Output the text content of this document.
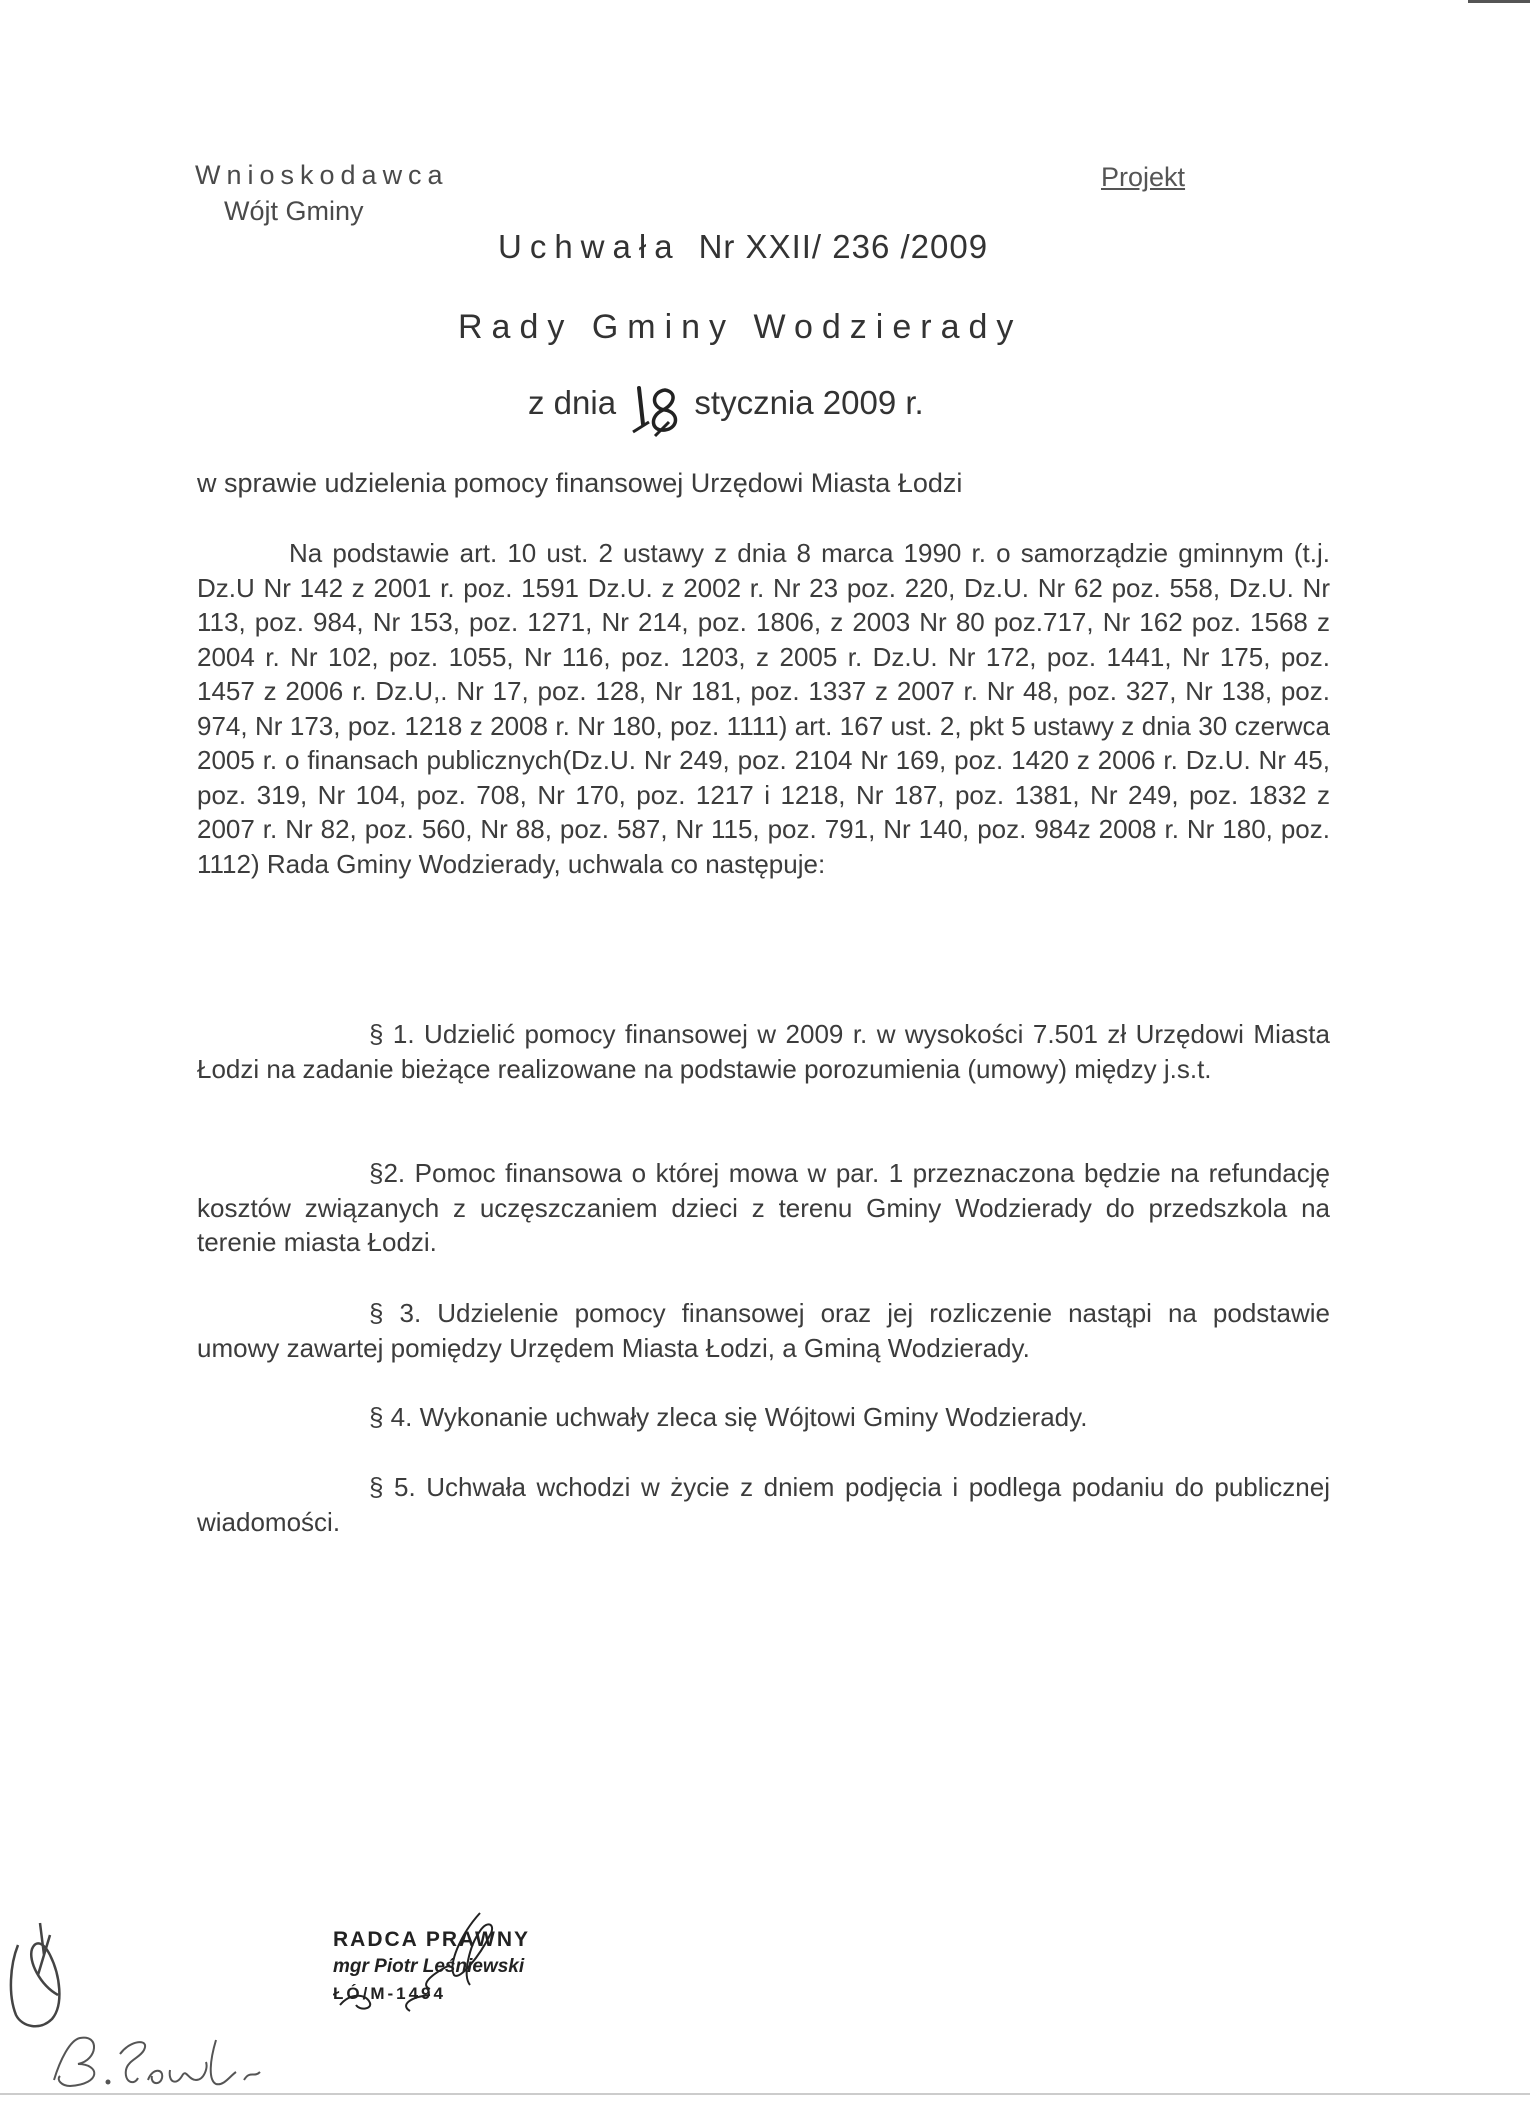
Wnioskodawca
Wójt Gminy
Projekt
Uchwała Nr XXII/ 236 /2009
Rady Gminy Wodzierady
z dnia stycznia 2009 r.
w sprawie udzielenia pomocy finansowej Urzędowi Miasta Łodzi
Na podstawie art. 10 ust. 2 ustawy z dnia 8 marca 1990 r. o samorządzie gminnym (t.j. Dz.U Nr 142 z 2001 r. poz. 1591 Dz.U. z 2002 r. Nr 23 poz. 220, Dz.U. Nr 62 poz. 558, Dz.U. Nr 113, poz. 984, Nr 153, poz. 1271, Nr 214, poz. 1806, z 2003 Nr 80 poz.717, Nr 162 poz. 1568 z 2004 r. Nr 102, poz. 1055, Nr 116, poz. 1203, z 2005 r. Dz.U. Nr 172, poz. 1441, Nr 175, poz. 1457 z 2006 r. Dz.U,. Nr 17, poz. 128, Nr 181, poz. 1337 z 2007 r. Nr 48, poz. 327, Nr 138, poz. 974, Nr 173, poz. 1218 z 2008 r. Nr 180, poz. 1111) art. 167 ust. 2, pkt 5 ustawy z dnia 30 czerwca 2005 r. o finansach publicznych(Dz.U. Nr 249, poz. 2104 Nr 169, poz. 1420 z 2006 r. Dz.U. Nr 45, poz. 319, Nr 104, poz. 708, Nr 170, poz. 1217 i 1218, Nr 187, poz. 1381, Nr 249, poz. 1832 z 2007 r. Nr 82, poz. 560, Nr 88, poz. 587, Nr 115, poz. 791, Nr 140, poz. 984z 2008 r. Nr 180, poz. 1112) Rada Gminy Wodzierady, uchwala co następuje:
§ 1. Udzielić pomocy finansowej w 2009 r. w wysokości 7.501 zł Urzędowi Miasta Łodzi na zadanie bieżące realizowane na podstawie porozumienia (umowy) między j.s.t.
§2. Pomoc finansowa o której mowa w par. 1 przeznaczona będzie na refundację kosztów związanych z uczęszczaniem dzieci z terenu Gminy Wodzierady do przedszkola na terenie miasta Łodzi.
§ 3. Udzielenie pomocy finansowej oraz jej rozliczenie nastąpi na podstawie umowy zawartej pomiędzy Urzędem Miasta Łodzi, a Gminą Wodzierady.
§ 4. Wykonanie uchwały zleca się Wójtowi Gminy Wodzierady.
§ 5. Uchwała wchodzi w życie z dniem podjęcia i podlega podaniu do publicznej wiadomości.
RADCA PRAWNY
mgr Piotr Leśniewski
ŁÓ/M-1494
